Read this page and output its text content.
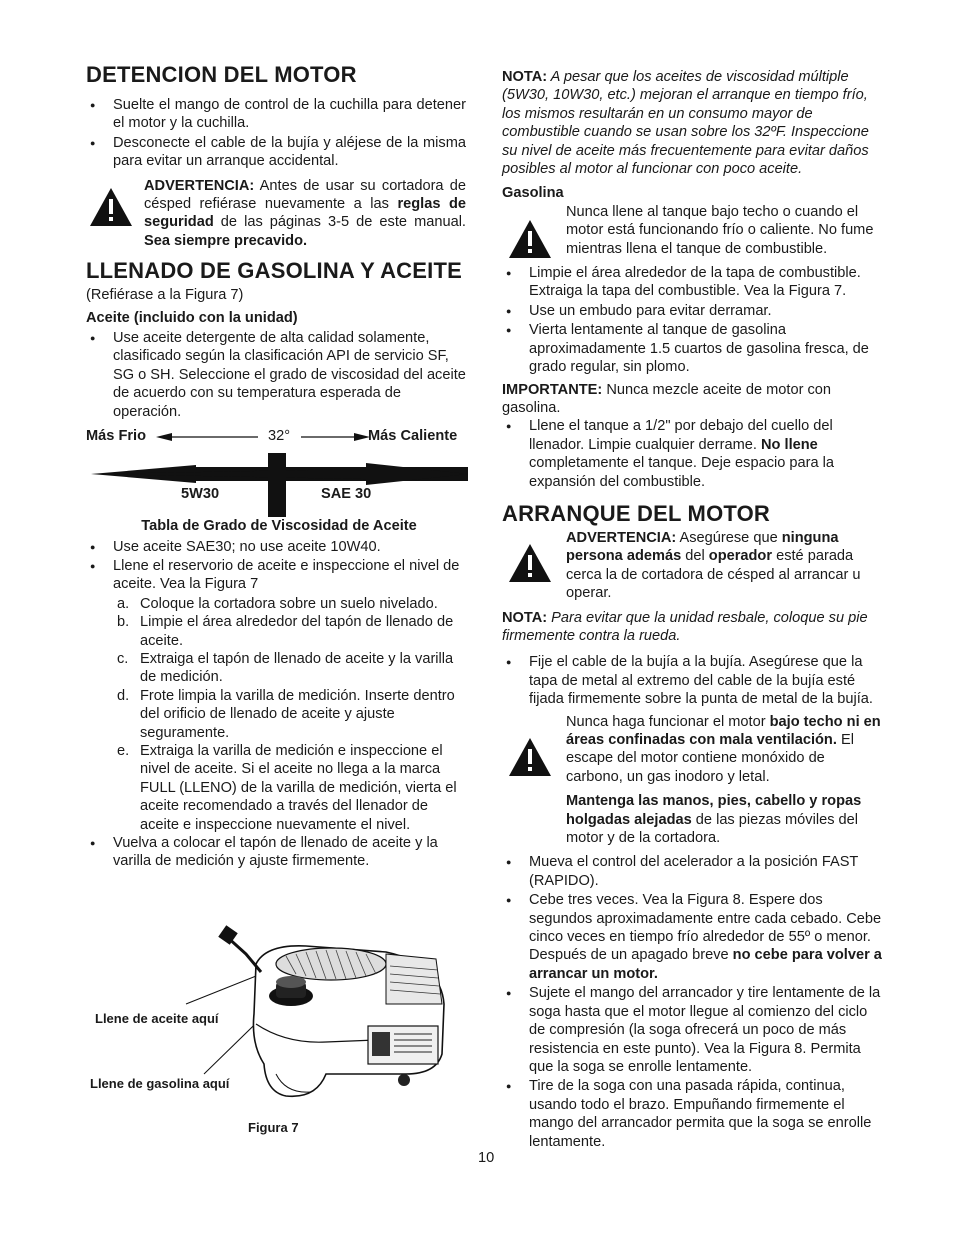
DETENCION DEL MOTOR
● Suelte el mango de control de la cuchilla para detener el motor y la cuchilla.
● Desconecte el cable de la bujía y aléjese de la misma para evitar un arranque accidental.
ADVERTENCIA: Antes de usar su cortadora de césped refiérase nuevamente a las reglas de seguridad de las páginas 3-5 de este manual. Sea siempre precavido.
LLENADO DE GASOLINA Y ACEITE

(Refiérase a la Figura 7)

Aceite (incluido con la unidad)

● Use aceite detergente de alta calidad solamente, clasificado según la clasificación API de servicio SF, SG o SH. Seleccione el grado de viscosidad del aceite de acuerdo con su temperatura esperada de operación.
Más Frio	32°	Más Caliente
5W30	SAE 30

Tabla de Grado de Viscosidad de Aceite

● Use aceite SAE30; no use aceite 10W40.
● Llene el reservorio de aceite e inspeccione el nivel de aceite. Vea la Figura 7
a. Coloque la cortadora sobre un suelo nivelado.
b. Limpie el área alrededor del tapón de llenado de aceite.
c. Extraiga el tapón de llenado de aceite y la varilla de medición.
d. Frote limpia la varilla de medición. Inserte dentro del orificio de llenado de aceite y ajuste seguramente.
e. Extraiga la varilla de medición e inspeccione el nivel de aceite. Si el aceite no llega a la marca FULL (LLENO) de la varilla de medición, vierta el aceite recomendado a través del llenador de aceite e inspeccione nuevamente el nivel.
● Vuelva a colocar el tapón de llenado de aceite y la varilla de medición y ajuste firmemente.
Llene de aceite aquí
Llene de gasolina aquí
Figura 7

NOTA: A pesar que los aceites de viscosidad múltiple (5W30, 10W30, etc.) mejoran el arranque en tiempo frío, los mismos resultarán en un consumo mayor de combustible cuando se usan sobre los 32ºF. Inspeccione su nivel de aceite más frecuentemente para evitar daños posibles al motor al funcionar con poco aceite.

Gasolina

Nunca llene al tanque bajo techo o cuando el motor está funcionando frío o caliente. No fume mientras llena el tanque de combustible.
● Limpie el área alrededor de la tapa de combustible. Extraiga la tapa del combustible. Vea la Figura 7.
● Use un embudo para evitar derramar.
● Vierta lentamente al tanque de gasolina aproximadamente 1.5 cuartos de gasolina fresca, de grado regular, sin plomo.

IMPORTANTE: Nunca mezcle aceite de motor con gasolina.

● Llene el tanque a 1/2" por debajo del cuello del llenador. Limpie cualquier derrame. No llene completamente el tanque. Deje espacio para la expansión del combustible.
ARRANQUE DEL MOTOR
ADVERTENCIA: Asegúrese que ninguna persona además del operador esté parada cerca la de cortadora de césped al arrancar u operar.

NOTA: Para evitar que la unidad resbale, coloque su pie firmemente contra la rueda.

● Fije el cable de la bujía a la bujía. Asegúrese que la tapa de metal al extremo del cable de la bujía esté fijada firmemente sobre la punta de metal de la bujía.
Nunca haga funcionar el motor bajo techo ni en áreas confinadas con mala ventilación. El escape del motor contiene monóxido de carbono, un gas inodoro y letal.

Mantenga las manos, pies, cabello y ropas holgadas alejadas de las piezas móviles del motor y de la cortadora.

● Mueva el control del acelerador a la posición FAST (RAPIDO).
● Cebe tres veces. Vea la Figura 8. Espere dos segundos aproximadamente entre cada cebado. Cebe cinco veces en tiempo frío alrededor de 55º o menor. Después de un apagado breve no cebe para volver a arrancar un motor.
● Sujete el mango del arrancador y tire lentamente de la soga hasta que el motor llegue al comienzo del ciclo de compresión (la soga ofrecerá un poco de más resistencia en este punto). Vea la Figura 8. Permita que la soga se enrolle lentamente.
● Tire de la soga con una pasada rápida, continua, usando todo el brazo. Empuñando firmemente el mango del arrancador permita que la soga se enrolle lentamente.
10
